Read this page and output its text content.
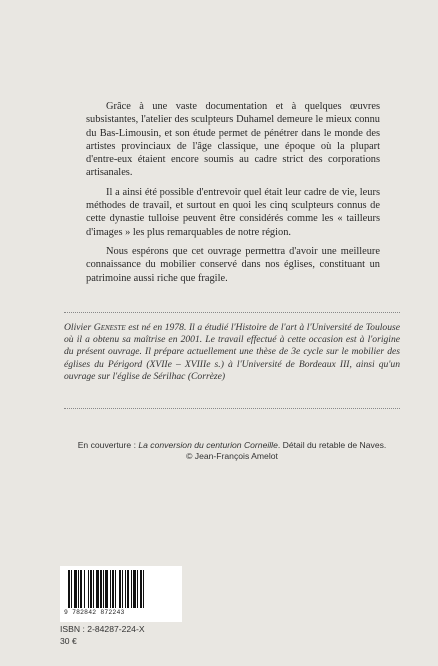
Grâce à une vaste documentation et à quelques œuvres subsistantes, l'atelier des sculpteurs Duhamel demeure le mieux connu du Bas-Limousin, et son étude permet de pénétrer dans le monde des artistes provinciaux de l'âge classique, une époque où la plupart d'entre-eux étaient encore soumis au cadre strict des corporations artisanales.

Il a ainsi été possible d'entrevoir quel était leur cadre de vie, leurs méthodes de travail, et surtout en quoi les cinq sculpteurs connus de cette dynastie tulloise peuvent être considérés comme les « tailleurs d'images » les plus remarquables de notre région.

Nous espérons que cet ouvrage permettra d'avoir une meilleure connaissance du mobilier conservé dans nos églises, constituant un patrimoine aussi riche que fragile.

Olivier Geneste est né en 1978. Il a étudié l'Histoire de l'art à l'Université de Toulouse où il a obtenu sa maîtrise en 2001. Le travail effectué à cette occasion est à l'origine du présent ouvrage. Il prépare actuellement une thèse de 3e cycle sur le mobilier des églises du Périgord (XVIIe – XVIIIe s.) à l'Université de Bordeaux III, ainsi qu'un ouvrage sur l'église de Sérilhac (Corrèze)
En couverture : La conversion du centurion Corneille. Détail du retable de Naves.
© Jean-François Amelot
9 782842 872243
ISBN : 2-84287-224-X
30 €
